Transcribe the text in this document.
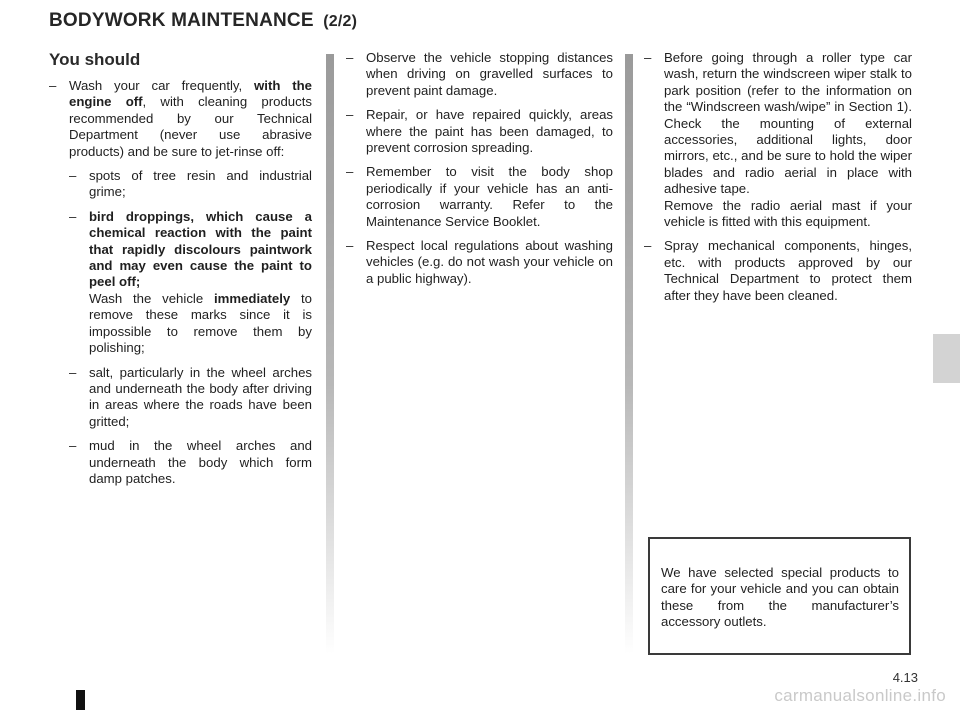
BODYWORK MAINTENANCE (2/2)
You should
– Wash your car frequently, with the engine off, with cleaning products recommended by our Technical Department (never use abrasive products) and be sure to jet-rinse off:

– spots of tree resin and industrial grime;

– bird droppings, which cause a chemical reaction with the paint that rapidly discolours paintwork and may even cause the paint to peel off;

Wash the vehicle immediately to remove these marks since it is impossible to remove them by polishing;

– salt, particularly in the wheel arches and underneath the body after driving in areas where the roads have been gritted;

– mud in the wheel arches and underneath the body which form damp patches.

– Observe the vehicle stopping distances when driving on gravelled surfaces to prevent paint damage.

– Repair, or have repaired quickly, areas where the paint has been damaged, to prevent corrosion spreading.

– Remember to visit the body shop periodically if your vehicle has an anti-corrosion warranty. Refer to the Maintenance Service Booklet.

– Respect local regulations about washing vehicles (e.g. do not wash your vehicle on a public highway).

– Before going through a roller type car wash, return the windscreen wiper stalk to park position (refer to the information on the “Windscreen wash/wipe” in Section 1). Check the mounting of external accessories, additional lights, door mirrors, etc., and be sure to hold the wiper blades and radio aerial in place with adhesive tape.

Remove the radio aerial mast if your vehicle is fitted with this equipment.

– Spray mechanical components, hinges, etc. with products approved by our Technical Department to protect them after they have been cleaned.

We have selected special products to care for your vehicle and you can obtain these from the manufacturer’s accessory outlets.
4.13
carmanualsonline.info
